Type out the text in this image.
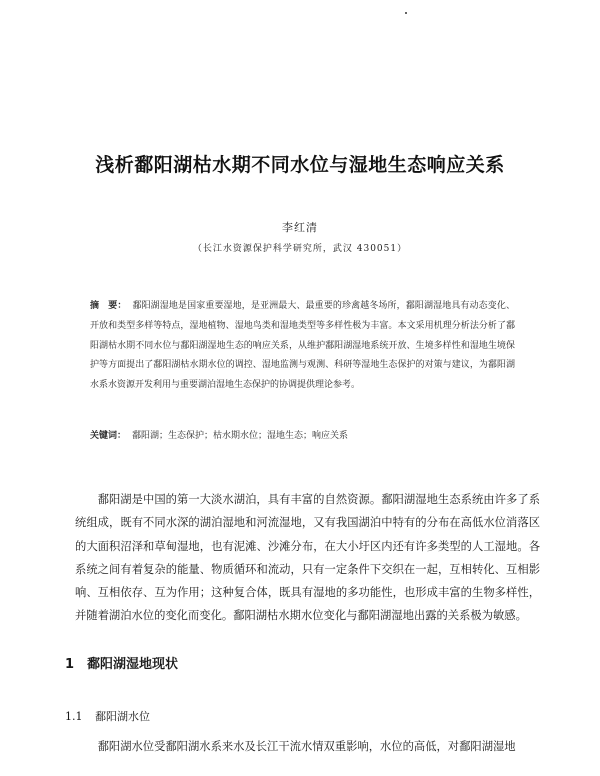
浅析鄱阳湖枯水期不同水位与湿地生态响应关系
李红清
（长江水资源保护科学研究所，武汉 430051）
摘　要： 鄱阳湖湿地是国家重要湿地，是亚洲最大、最重要的珍禽越冬场所，鄱阳湖湿地具有动态变化、开放和类型多样等特点，湿地植物、湿地鸟类和湿地类型等多样性极为丰富。本文采用机理分析法分析了鄱阳湖枯水期不同水位与鄱阳湖湿地生态的响应关系，从维护鄱阳湖湿地系统开放、生境多样性和湿地生境保护等方面提出了鄱阳湖枯水期水位的调控、湿地监测与观测、科研等湿地生态保护的对策与建议，为鄱阳湖水系水资源开发利用与重要湖泊湿地生态保护的协调提供理论参考。
关键词： 鄱阳湖；生态保护；枯水期水位；湿地生态；响应关系
鄱阳湖是中国的第一大淡水湖泊，具有丰富的自然资源。鄱阳湖湿地生态系统由许多了系统组成，既有不同水深的湖泊湿地和河流湿地，又有我国湖泊中特有的分布在高低水位消落区的大面积沼泽和草甸湿地，也有泥滩、沙滩分布，在大小圩区内还有许多类型的人工湿地。各系统之间有着复杂的能量、物质循环和流动，只有一定条件下交织在一起，互相转化、互相影响、互相依存、互为作用；这种复合体，既具有湿地的多功能性，也形成丰富的生物多样性，并随着湖泊水位的变化而变化。鄱阳湖枯水期水位变化与鄱阳湖湿地出露的关系极为敏感。
1 鄱阳湖湿地现状
1.1 鄱阳湖水位
鄱阳湖水位受鄱阳湖水系来水及长江干流水情双重影响，水位的高低，对鄱阳湖湿地
